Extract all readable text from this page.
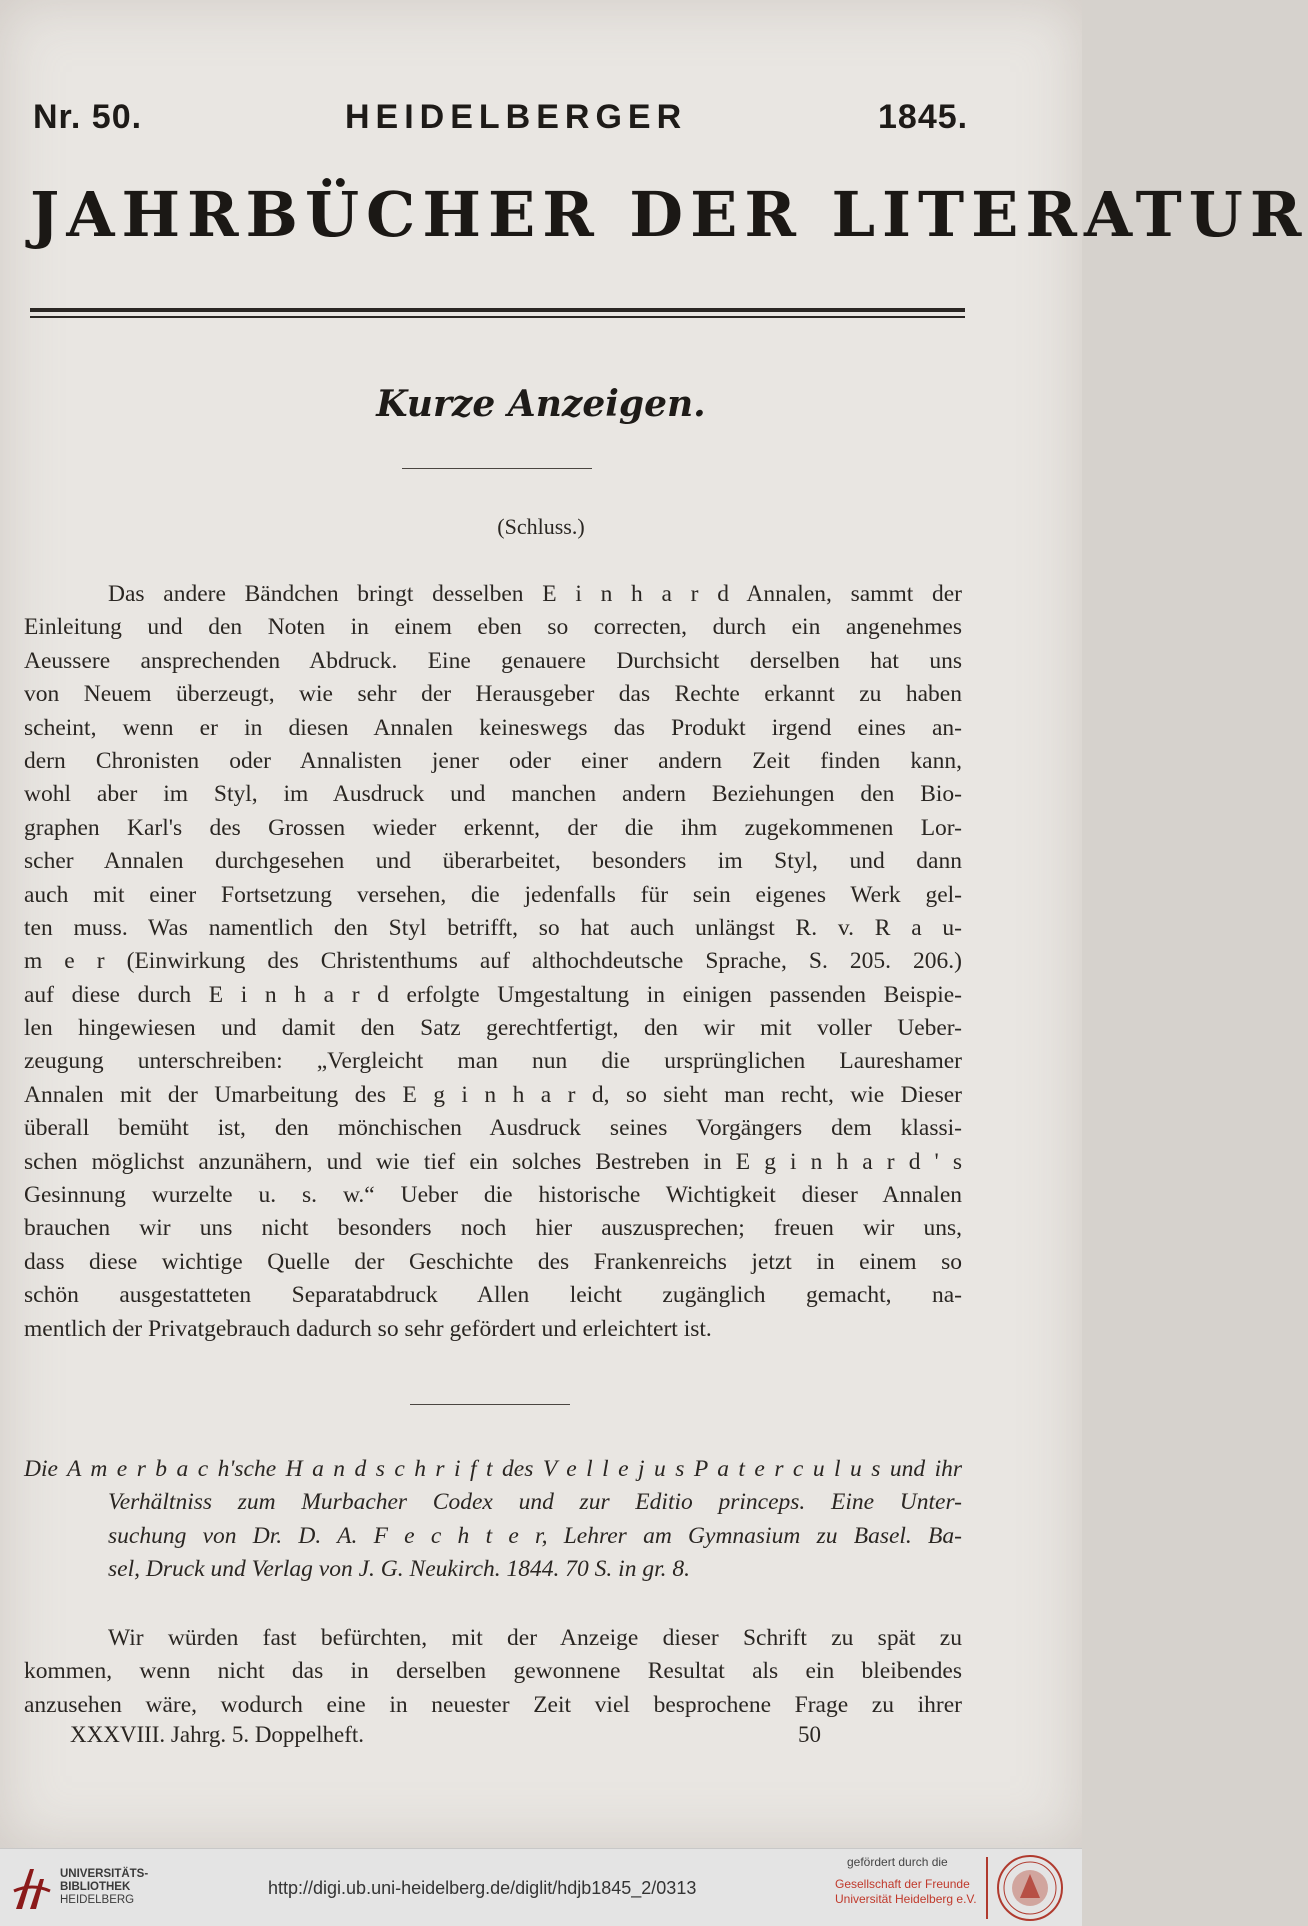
Nr. 50.	HEIDELBERGER	1845.
JAHRBÜCHER DER LITERATUR
Kurze Anzeigen.
(Schluss.)
Das andere Bändchen bringt desselben E i n h a r d Annalen, sammt der
Einleitung und den Noten in einem eben so correcten, durch ein angenehmes
Aeussere ansprechenden Abdruck. Eine genauere Durchsicht derselben hat uns
von Neuem überzeugt, wie sehr der Herausgeber das Rechte erkannt zu haben
scheint, wenn er in diesen Annalen keineswegs das Produkt irgend eines an-
dern Chronisten oder Annalisten jener oder einer andern Zeit finden kann,
wohl aber im Styl, im Ausdruck und manchen andern Beziehungen den Bio-
graphen Karl's des Grossen wieder erkennt, der die ihm zugekommenen Lor-
scher Annalen durchgesehen und überarbeitet, besonders im Styl, und dann
auch mit einer Fortsetzung versehen, die jedenfalls für sein eigenes Werk gel-
ten muss. Was namentlich den Styl betrifft, so hat auch unlängst R. v. R a u-
m e r (Einwirkung des Christenthums auf althochdeutsche Sprache, S. 205. 206.)
auf diese durch E i n h a r d erfolgte Umgestaltung in einigen passenden Beispie-
len hingewiesen und damit den Satz gerechtfertigt, den wir mit voller Ueber-
zeugung unterschreiben: „Vergleicht man nun die ursprünglichen Laureshamer
Annalen mit der Umarbeitung des E g i n h a r d, so sieht man recht, wie Dieser
überall bemüht ist, den mönchischen Ausdruck seines Vorgängers dem klassi-
schen möglichst anzunähern, und wie tief ein solches Bestreben in E g i n h a r d ' s
Gesinnung wurzelte u. s. w.“ Ueber die historische Wichtigkeit dieser Annalen
brauchen wir uns nicht besonders noch hier auszusprechen; freuen wir uns,
dass diese wichtige Quelle der Geschichte des Frankenreichs jetzt in einem so
schön ausgestatteten Separatabdruck Allen leicht zugänglich gemacht, na-
mentlich der Privatgebrauch dadurch so sehr gefördert und erleichtert ist.
Die A m e r b a c h'sche H a n d s c h r i f t des V e l l e j u s P a t e r c u l u s und ihr
Verhältniss zum Murbacher Codex und zur Editio princeps. Eine Unter-
suchung von Dr. D. A. F e c h t e r, Lehrer am Gymnasium zu Basel. Ba-
sel, Druck und Verlag von J. G. Neukirch. 1844. 70 S. in gr. 8.
Wir würden fast befürchten, mit der Anzeige dieser Schrift zu spät zu
kommen, wenn nicht das in derselben gewonnene Resultat als ein bleibendes
anzusehen wäre, wodurch eine in neuester Zeit viel besprochene Frage zu ihrer
XXXVIII. Jahrg. 5. Doppelheft.	50
UNIVERSITÄTS-
BIBLIOTHEK
HEIDELBERG
http://digi.ub.uni-heidelberg.de/diglit/hdjb1845_2/0313
gefördert durch die
Gesellschaft der Freunde
Universität Heidelberg e.V.
